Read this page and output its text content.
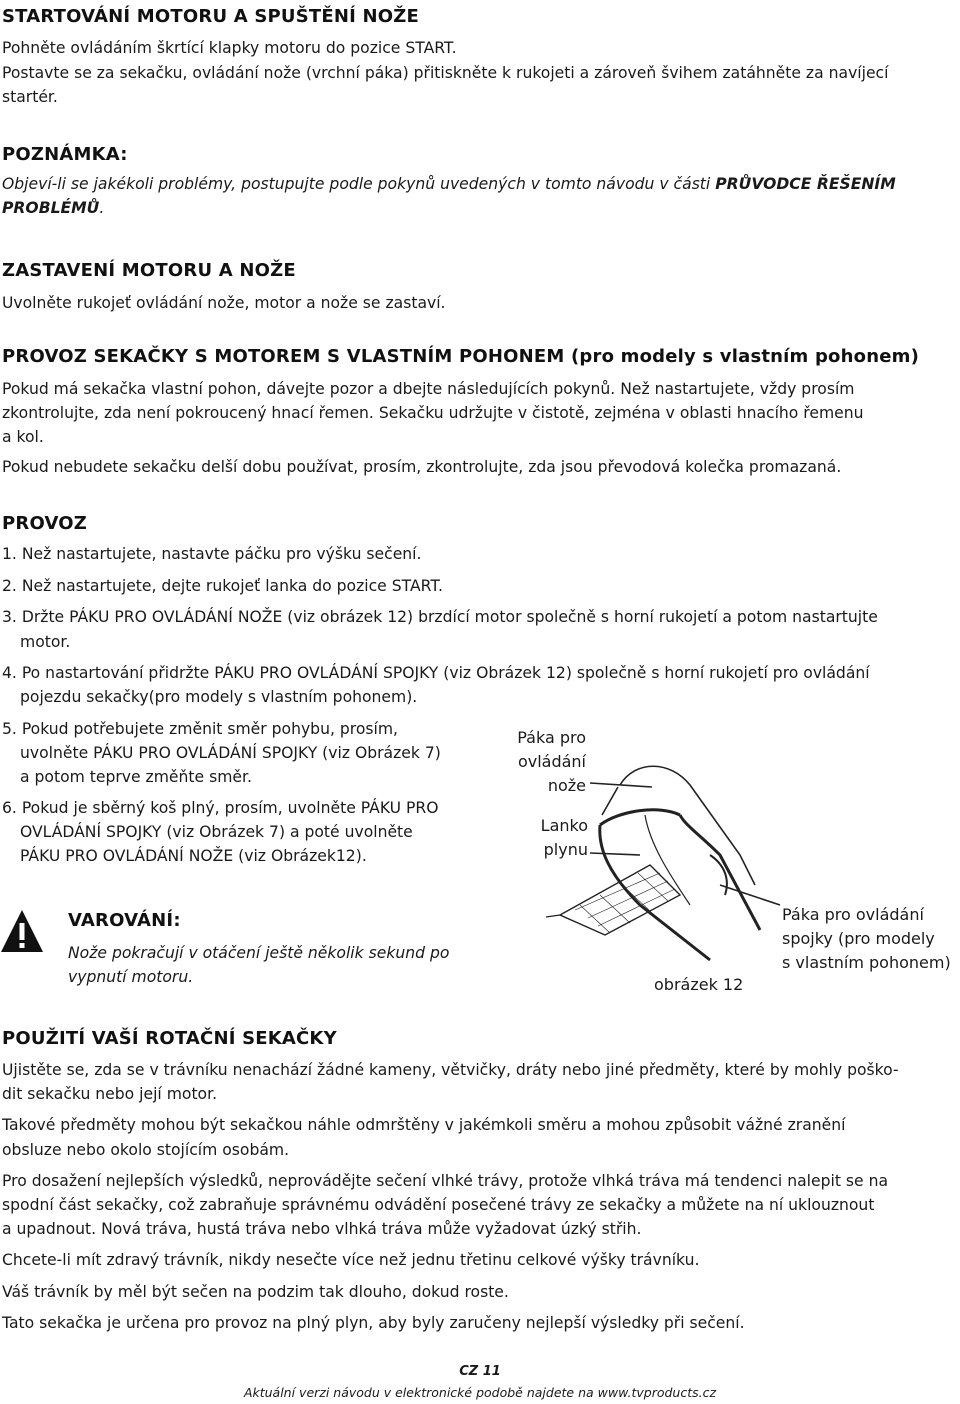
STARTOVÁNÍ MOTORU A SPUŠTĚNÍ NOŽE

Pohněte ovládáním škrtící klapky motoru do pozice START.

Postavte se za sekačku, ovládání nože (vrchní páka) přitiskněte k rukojeti a zároveň švihem zatáhněte za navíjecí

startér.

POZNÁMKA:

Objeví-li se jakékoli problémy, postupujte podle pokynů uvedených v tomto návodu v části PRŮVODCE ŘEŠENÍM

PROBLÉMŮ.

ZASTAVENÍ MOTORU A NOŽE

Uvolněte rukojeť ovládání nože, motor a nože se zastaví.

PROVOZ SEKAČKY S MOTOREM S VLASTNÍM POHONEM (pro modely s vlastním pohonem)

Pokud má sekačka vlastní pohon, dávejte pozor a dbejte následujících pokynů. Než nastartujete, vždy prosím

zkontrolujte, zda není pokroucený hnací řemen. Sekačku udržujte v čistotě, zejména v oblasti hnacího řemenu

a kol.

Pokud nebudete sekačku delší dobu používat, prosím, zkontrolujte, zda jsou převodová kolečka promazaná.

PROVOZ

1. Než nastartujete, nastavte páčku pro výšku sečení.

2. Než nastartujete, dejte rukojeť lanka do pozice START.

3. Držte PÁKU PRO OVLÁDÁNÍ NOŽE (viz obrázek 12) brzdící motor společně s horní rukojetí a potom nastartujte

motor.

4. Po nastartování přidržte PÁKU PRO OVLÁDÁNÍ SPOJKY (viz Obrázek 12) společně s horní rukojetí pro ovládání

pojezdu sekačky(pro modely s vlastním pohonem).

5. Pokud potřebujete změnit směr pohybu, prosím,

uvolněte PÁKU PRO OVLÁDÁNÍ SPOJKY (viz Obrázek 7)

a potom teprve změňte směr.

6. Pokud je sběrný koš plný, prosím, uvolněte PÁKU PRO

OVLÁDÁNÍ SPOJKY (viz Obrázek 7) a poté uvolněte

PÁKU PRO OVLÁDÁNÍ NOŽE (viz Obrázek12).

Páka pro
ovládání
nože
Lanko
plynu
Páka pro ovládání
spojky (pro modely
s vlastním pohonem)
obrázek 12
VAROVÁNÍ:

Nože pokračují v otáčení ještě několik sekund po

vypnutí motoru.

POUŽITÍ VAŠÍ ROTAČNÍ SEKAČKY

Ujistěte se, zda se v trávníku nenachází žádné kameny, větvičky, dráty nebo jiné předměty, které by mohly poško-

dit sekačku nebo její motor.

Takové předměty mohou být sekačkou náhle odmrštěny v jakémkoli směru a mohou způsobit vážné zranění

obsluze nebo okolo stojícím osobám.

Pro dosažení nejlepších výsledků, neprovádějte sečení vlhké trávy, protože vlhká tráva má tendenci nalepit se na

spodní část sekačky, což zabraňuje správnému odvádění posečené trávy ze sekačky a můžete na ní uklouznout

a upadnout. Nová tráva, hustá tráva nebo vlhká tráva může vyžadovat úzký střih.

Chcete-li mít zdravý trávník, nikdy nesečte více než jednu třetinu celkové výšky trávníku.

Váš trávník by měl být sečen na podzim tak dlouho, dokud roste.

Tato sekačka je určena pro provoz na plný plyn, aby byly zaručeny nejlepší výsledky při sečení.

CZ 11
Aktuální verzi návodu v elektronické podobě najdete na www.tvproducts.cz
